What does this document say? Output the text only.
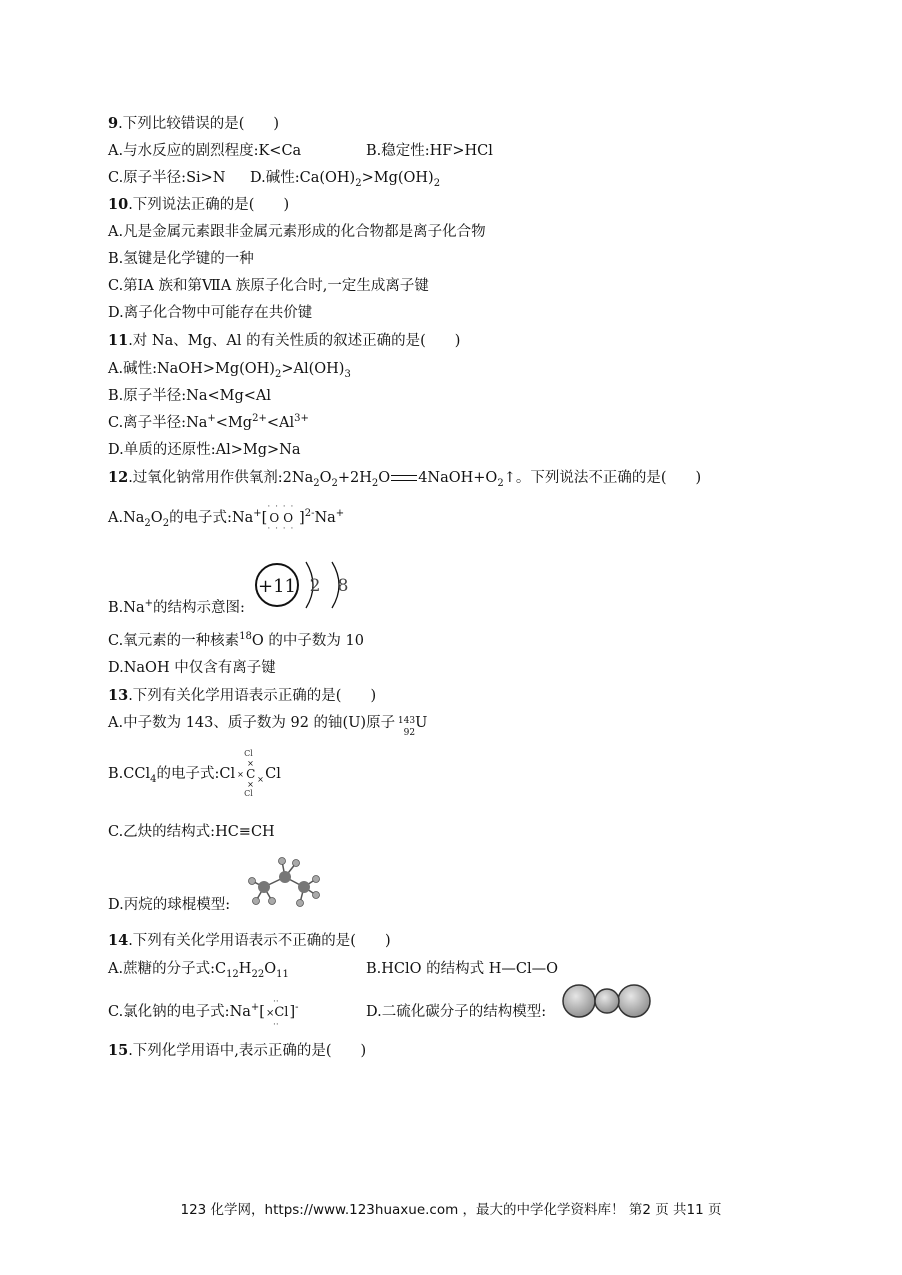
9.下列比较错误的是(　　)
A.与水反应的剧烈程度:K<Ca	B.稳定性:HF>HCl
C.原子半径:Si>N D.碱性$:Ca(OH)_2>Mg(OH)_2$
10.下列说法正确的是(　　)
A.凡是金属元素跟非金属元素形成的化合物都是离子化合物
B.氢键是化学键的一种
C.第ⅠA 族和第ⅦA 族原子化合时,一定生成离子键
D.离子化合物中可能存在共价键
11.对 Na、Mg、Al 的有关性质的叙述正确的是(　　)
A.碱性$:NaOH>Mg(OH)_2>Al(OH)_3$
B.原子半径:Na<Mg<Al
C.离子半径$:Na^+<Mg^{2+}<Al^{3+}$
D.单质的还原性:Al>Mg>Na
12.过氧化钠常用作供氧剂$:2Na_2O_2+2H_2O$ $4NaOH+O_2↑$。下列说法不正确的是(　　)
$A.Na_2O_2$的电子式:Na+[
· · · ·
OO
· · · ·
]$^{2-}$Na+
B.Na+的结构示意图:
+11 2 8
C.氧元素的一种核素$^{18}$O 的中子数为 10
D.NaOH 中仅含有离子键
13.下列有关化学用语表示正确的是(　　)
A.中子数为 143、质子数为 92 的铀(U)原子 143
92
U
B.CCl$_4$的电子式:Cl
Cl
×
× C ×
×
Cl
Cl
C.乙炔的结构式:HC≡CH
D.丙烷的球棍模型:
14.下列有关化学用语表示不正确的是(　　)
A.蔗糖的分子式$:C_{12}H_{22}O_{11}$	B.HClO 的结构式 H—Cl—O
C.氯化钠的电子式:Na+[
··
×Cl
··
]-	D.二硫化碳分子的结构模型:
15.下列化学用语中,表示正确的是(　　)
123 化学网，https://www.123huaxue.com ，最大的中学化学资料库！ 第2 页 共11 页
